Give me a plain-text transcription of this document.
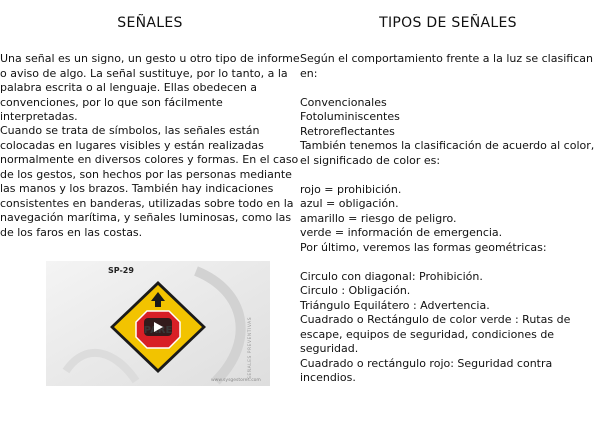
SEÑALES

Una señal es un signo, un gesto u otro tipo de informe o aviso de algo. La señal sustituye, por lo tanto, a la palabra escrita o al lenguaje. Ellas obedecen a convenciones, por lo que son fácilmente interpretadas.

Cuando se trata de símbolos, las señales están colocadas en lugares visibles y están realizadas normalmente en diversos colores y formas. En el caso de los gestos, son hechos por las personas mediante las manos y los brazos. También hay indicaciones consistentes en banderas, utilizadas sobre todo en la navegación marítima, y señales luminosas, como las de los faros en las costas.

SP-29
www.sysgestores.com
SEÑALES PREVENTIVAS
TIPOS DE SEÑALES
Según el comportamiento frente a la luz se clasifican en:
Convencionales
Fotoluminiscentes
Retroreflectantes
También tenemos la clasificación de acuerdo al color, el significado de color es:
rojo = prohibición.
azul = obligación.
amarillo = riesgo de peligro.
verde = información de emergencia.
Por último, veremos las formas geométricas:
Circulo con diagonal: Prohibición.
Circulo : Obligación.
Triángulo Equilátero : Advertencia.
Cuadrado o Rectángulo de color verde : Rutas de escape, equipos de seguridad, condiciones de seguridad.
Cuadrado o rectángulo rojo: Seguridad contra incendios.
